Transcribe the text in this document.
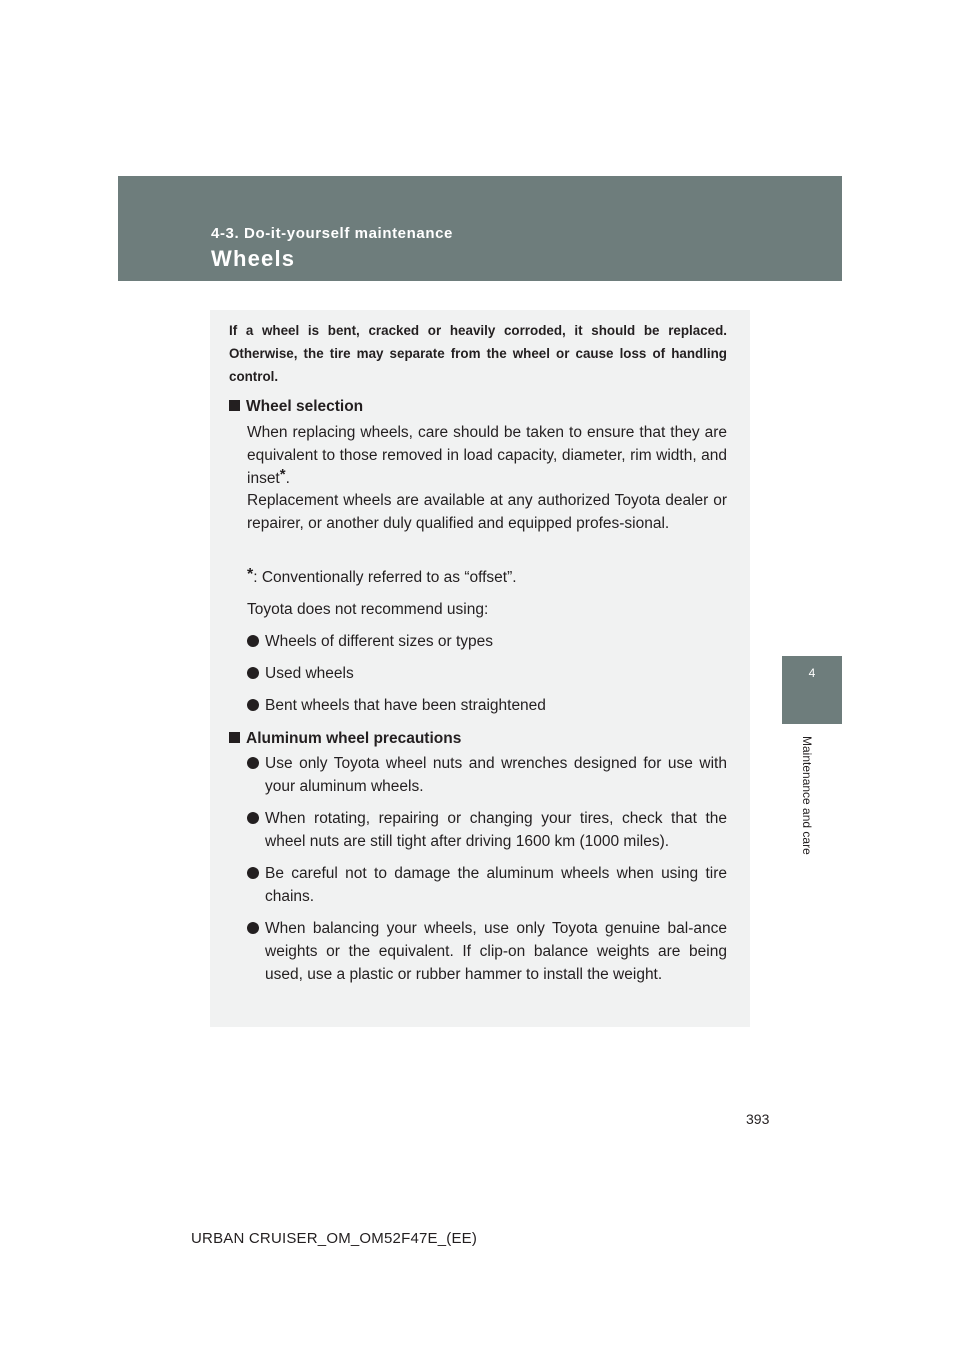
4-3. Do-it-yourself maintenance
Wheels
4
Maintenance and care
If a wheel is bent, cracked or heavily corroded, it should be replaced. Otherwise, the tire may separate from the wheel or cause loss of handling control.
Wheel selection
When replacing wheels, care should be taken to ensure that they are equivalent to those removed in load capacity, diameter, rim width, and inset*.
Replacement wheels are available at any authorized Toyota dealer or repairer, or another duly qualified and equipped profes-sional.
*: Conventionally referred to as “offset”.
Toyota does not recommend using:
Wheels of different sizes or types
Used wheels
Bent wheels that have been straightened
Aluminum wheel precautions
Use only Toyota wheel nuts and wrenches designed for use with your aluminum wheels.
When rotating, repairing or changing your tires, check that the wheel nuts are still tight after driving 1600 km (1000 miles).
Be careful not to damage the aluminum wheels when using tire chains.
When balancing your wheels, use only Toyota genuine bal-ance weights or the equivalent. If clip-on balance weights are being used, use a plastic or rubber hammer to install the weight.
393
URBAN CRUISER_OM_OM52F47E_(EE)
